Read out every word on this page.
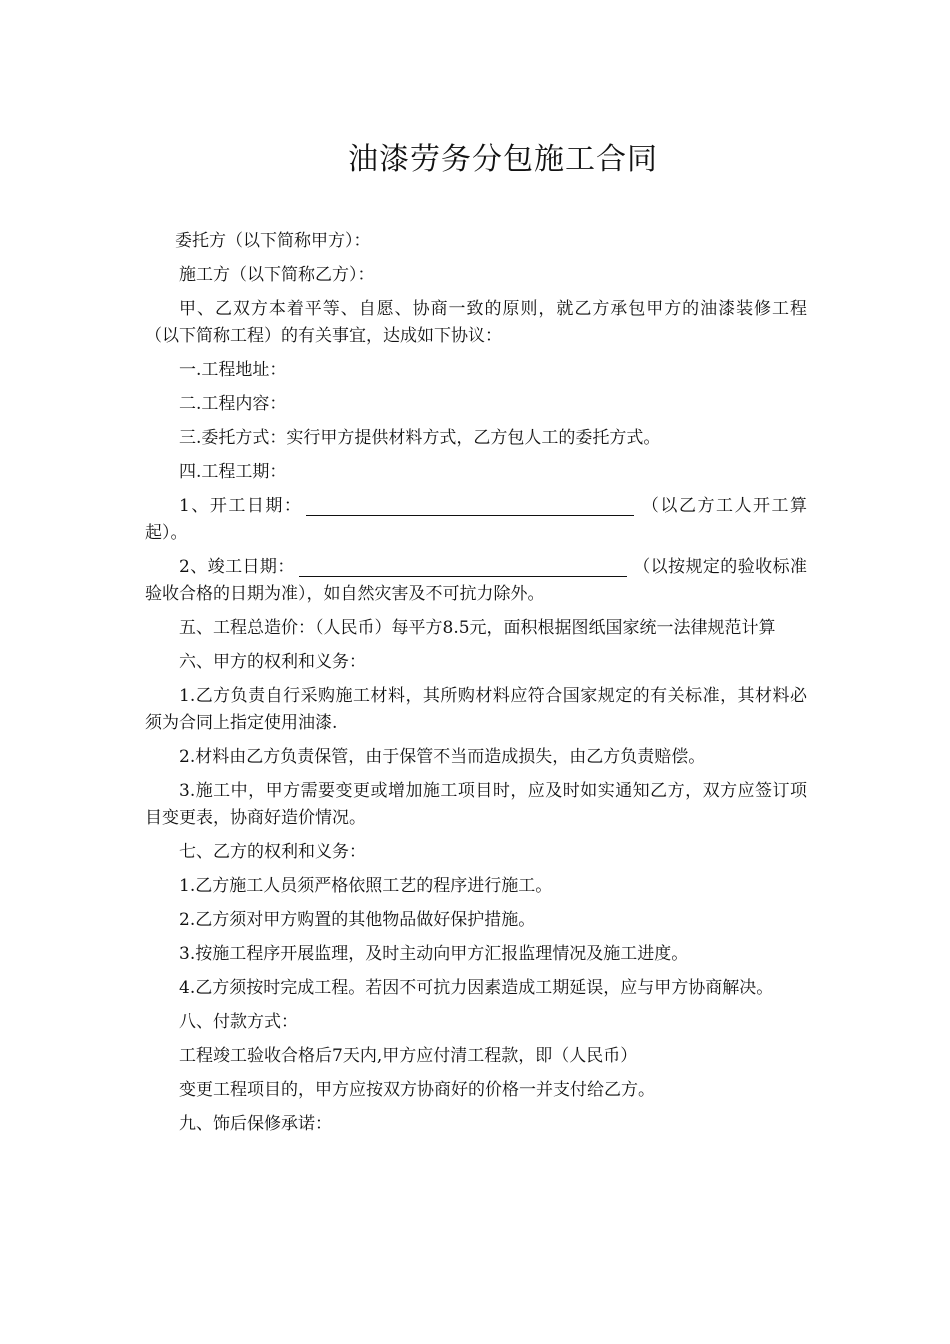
油漆劳务分包施工合同

委托方（以下简称甲方）：

施工方（以下简称乙方）：

甲、乙双方本着平等、自愿、协商一致的原则，就乙方承包甲方的油漆装修工程（以下简称工程）的有关事宜，达成如下协议：

一.工程地址：

二.工程内容：

三.委托方式：实行甲方提供材料方式，乙方包人工的委托方式。

四.工程工期：

1、开工日期：	（以乙方工人开工算起）。

2、竣工日期：	（以按规定的验收标准验收合格的日期为准），如自然灾害及不可抗力除外。

五、工程总造价：（人民币）每平方8.5元，面积根据图纸国家统一法律规范计算

六、甲方的权利和义务：

1.乙方负责自行采购施工材料，其所购材料应符合国家规定的有关标准，其材料必须为合同上指定使用油漆.

2.材料由乙方负责保管，由于保管不当而造成损失，由乙方负责赔偿。

3.施工中，甲方需要变更或增加施工项目时，应及时如实通知乙方，双方应签订项目变更表，协商好造价情况。

七、乙方的权利和义务：

1.乙方施工人员须严格依照工艺的程序进行施工。

2.乙方须对甲方购置的其他物品做好保护措施。

3.按施工程序开展监理，及时主动向甲方汇报监理情况及施工进度。

4.乙方须按时完成工程。若因不可抗力因素造成工期延误，应与甲方协商解决。

八、付款方式：

工程竣工验收合格后7天内,甲方应付清工程款，即（人民币）

变更工程项目的，甲方应按双方协商好的价格一并支付给乙方。

九、饰后保修承诺：
